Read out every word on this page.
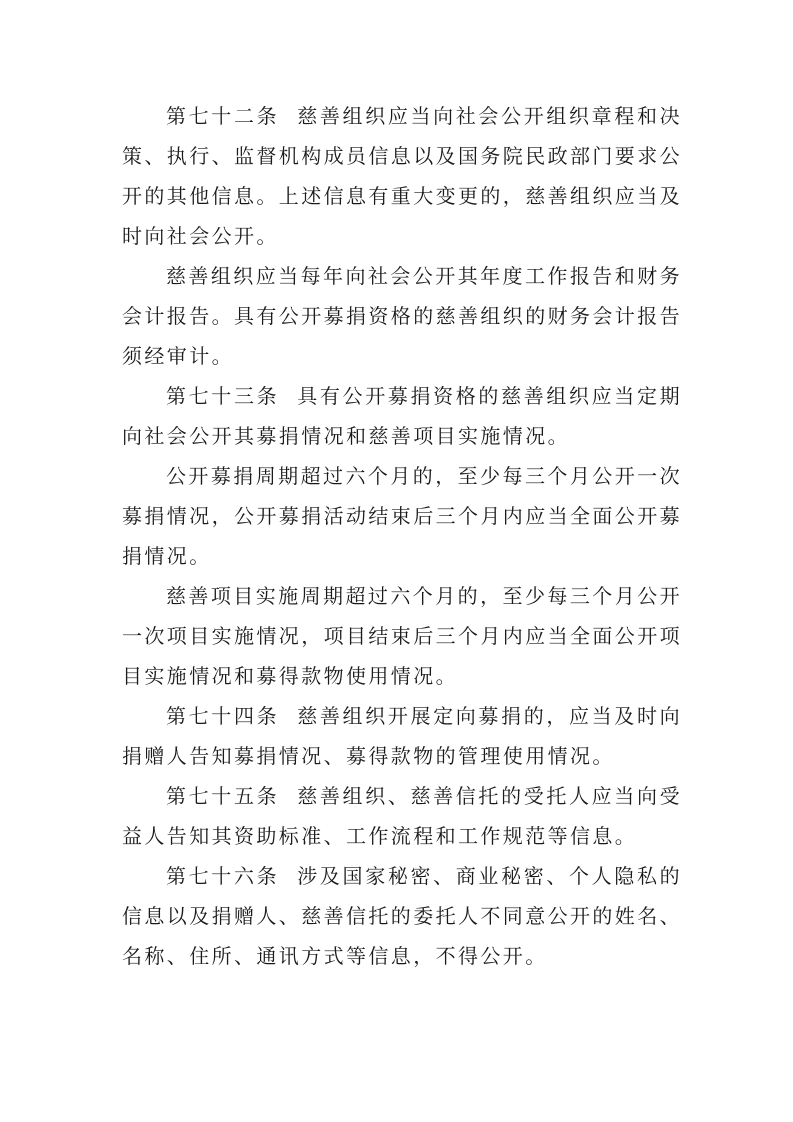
第七十二条 慈善组织应当向社会公开组织章程和决策、执行、监督机构成员信息以及国务院民政部门要求公开的其他信息。上述信息有重大变更的，慈善组织应当及时向社会公开。

慈善组织应当每年向社会公开其年度工作报告和财务会计报告。具有公开募捐资格的慈善组织的财务会计报告须经审计。

第七十三条 具有公开募捐资格的慈善组织应当定期向社会公开其募捐情况和慈善项目实施情况。

公开募捐周期超过六个月的，至少每三个月公开一次募捐情况，公开募捐活动结束后三个月内应当全面公开募捐情况。

慈善项目实施周期超过六个月的，至少每三个月公开一次项目实施情况，项目结束后三个月内应当全面公开项目实施情况和募得款物使用情况。

第七十四条 慈善组织开展定向募捐的，应当及时向捐赠人告知募捐情况、募得款物的管理使用情况。

第七十五条 慈善组织、慈善信托的受托人应当向受益人告知其资助标准、工作流程和工作规范等信息。

第七十六条 涉及国家秘密、商业秘密、个人隐私的信息以及捐赠人、慈善信托的委托人不同意公开的姓名、名称、住所、通讯方式等信息，不得公开。
